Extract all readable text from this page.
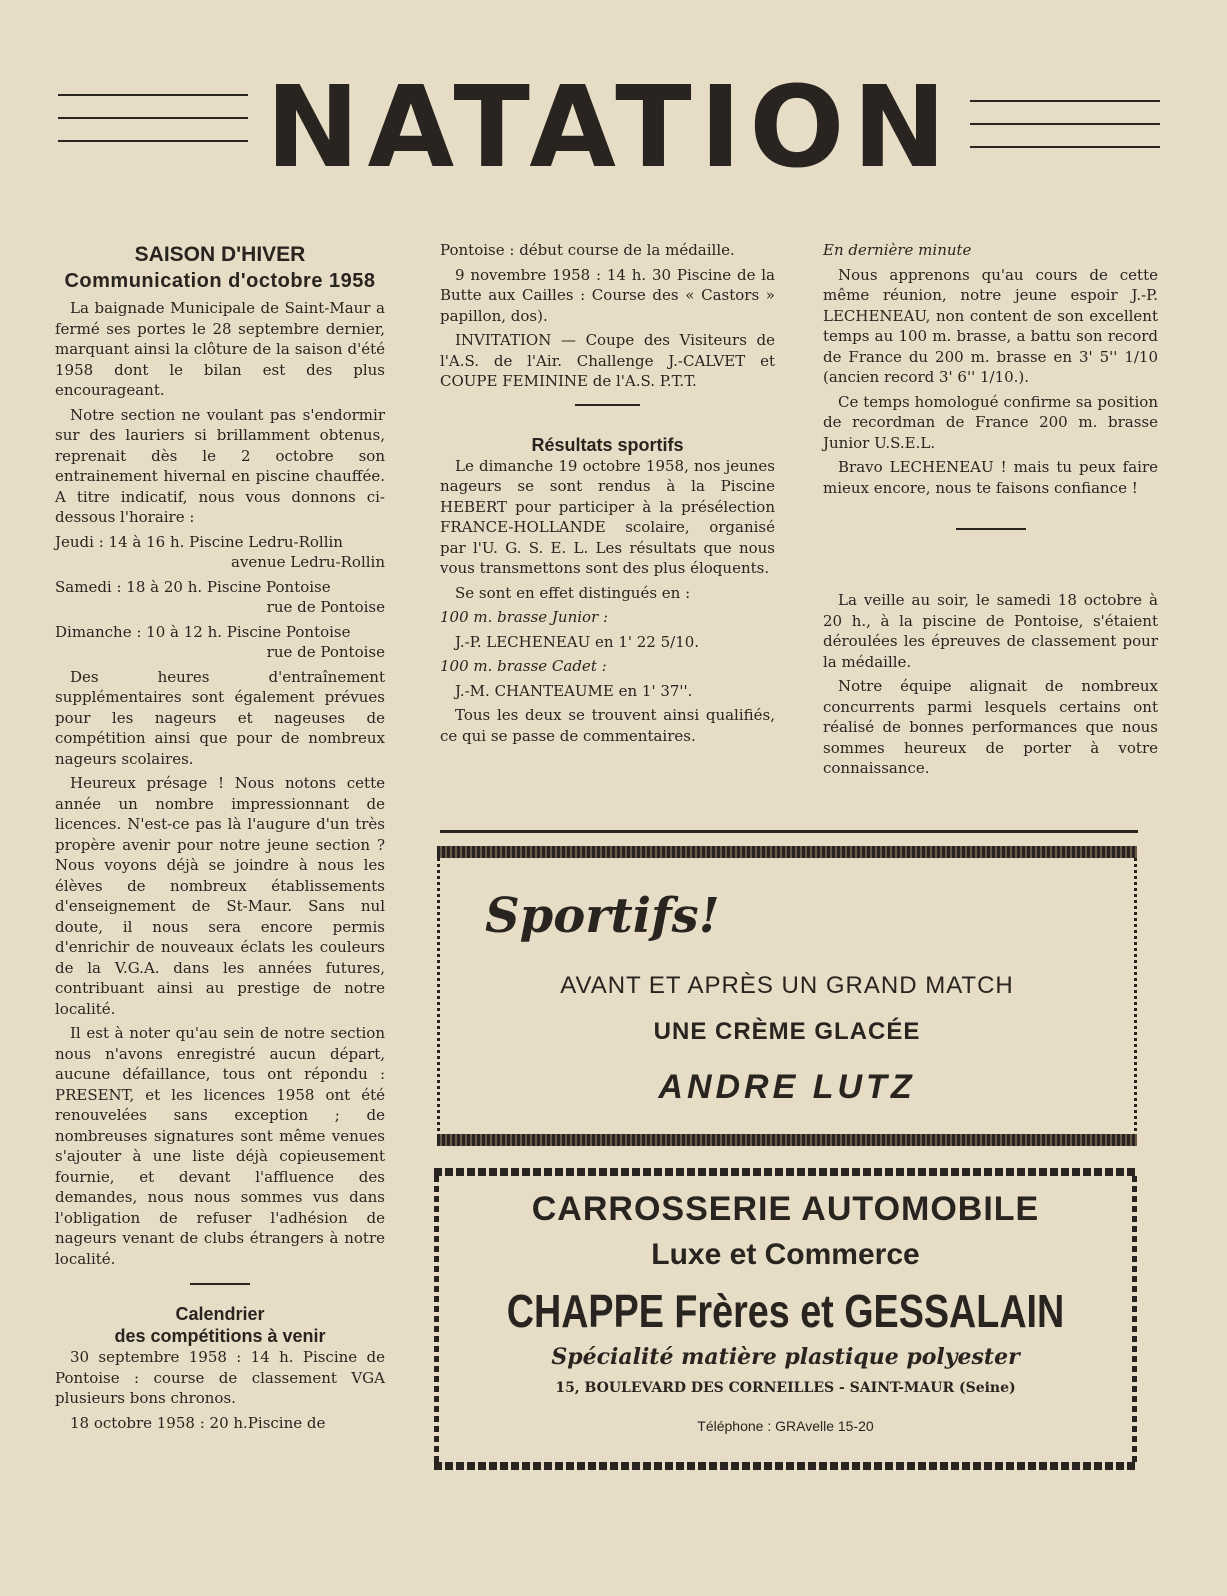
NATATION
SAISON D'HIVER
Communication d'octobre 1958

La baignade Municipale de Saint-Maur a fermé ses portes le 28 septembre dernier, marquant ainsi la clôture de la saison d'été 1958 dont le bilan est des plus encourageant.

Notre section ne voulant pas s'endormir sur des lauriers si brillamment obtenus, reprenait dès le 2 octobre son entrainement hivernal en piscine chauffée. A titre indicatif, nous vous donnons ci-dessous l'horaire :

Jeudi : 14 à 16 h. Piscine Ledru-Rollin

avenue Ledru-Rollin

Samedi : 18 à 20 h. Piscine Pontoise

rue de Pontoise

Dimanche : 10 à 12 h. Piscine Pontoise

rue de Pontoise

Des heures d'entraînement supplémentaires sont également prévues pour les nageurs et nageuses de compétition ainsi que pour de nombreux nageurs scolaires.

Heureux présage ! Nous notons cette année un nombre impressionnant de licences. N'est-ce pas là l'augure d'un très propère avenir pour notre jeune section ? Nous voyons déjà se joindre à nous les élèves de nombreux établissements d'enseignement de St-Maur. Sans nul doute, il nous sera encore permis d'enrichir de nouveaux éclats les couleurs de la V.G.A. dans les années futures, contribuant ainsi au prestige de notre localité.

Il est à noter qu'au sein de notre section nous n'avons enregistré aucun départ, aucune défaillance, tous ont répondu : PRESENT, et les licences 1958 ont été renouvelées sans exception ; de nombreuses signatures sont même venues s'ajouter à une liste déjà copieusement fournie, et devant l'affluence des demandes, nous nous sommes vus dans l'obligation de refuser l'adhésion de nageurs venant de clubs étrangers à notre localité.

Calendrier
des compétitions à venir

30 septembre 1958 : 14 h. Piscine de Pontoise : course de classement VGA plusieurs bons chronos.

18 octobre 1958 : 20 h.Piscine de

Pontoise : début course de la médaille.

9 novembre 1958 : 14 h. 30 Piscine de la Butte aux Cailles : Course des « Castors » papillon, dos).

INVITATION — Coupe des Visiteurs de l'A.S. de l'Air. Challenge J.-CALVET et COUPE FEMININE de l'A.S. P.T.T.

Résultats sportifs

Le dimanche 19 octobre 1958, nos jeunes nageurs se sont rendus à la Piscine HEBERT pour participer à la présélection FRANCE-HOLLANDE scolaire, organisé par l'U. G. S. E. L. Les résultats que nous vous transmettons sont des plus éloquents.

Se sont en effet distingués en :

100 m. brasse Junior :

J.-P. LECHENEAU en 1' 22 5/10.

100 m. brasse Cadet :

J.-M. CHANTEAUME en 1' 37''.

Tous les deux se trouvent ainsi qualifiés, ce qui se passe de commentaires.

En dernière minute

Nous apprenons qu'au cours de cette même réunion, notre jeune espoir J.-P. LECHENEAU, non content de son excellent temps au 100 m. brasse, a battu son record de France du 200 m. brasse en 3' 5'' 1/10 (ancien record 3' 6'' 1/10.).

Ce temps homologué confirme sa position de recordman de France 200 m. brasse Junior U.S.E.L.

Bravo LECHENEAU ! mais tu peux faire mieux encore, nous te faisons confiance !

La veille au soir, le samedi 18 octobre à 20 h., à la piscine de Pontoise, s'étaient déroulées les épreuves de classement pour la médaille.

Notre équipe alignait de nombreux concurrents parmi lesquels certains ont réalisé de bonnes performances que nous sommes heureux de porter à votre connaissance.

Sportifs!
AVANT ET APRÈS UN GRAND MATCH
UNE CRÈME GLACÉE
ANDRE LUTZ
CARROSSERIE AUTOMOBILE
Luxe et Commerce
CHAPPE Frères et GESSALAIN
Spécialité matière plastique polyester
15, BOULEVARD DES CORNEILLES - SAINT-MAUR (Seine)
Téléphone : GRAvelle 15-20
